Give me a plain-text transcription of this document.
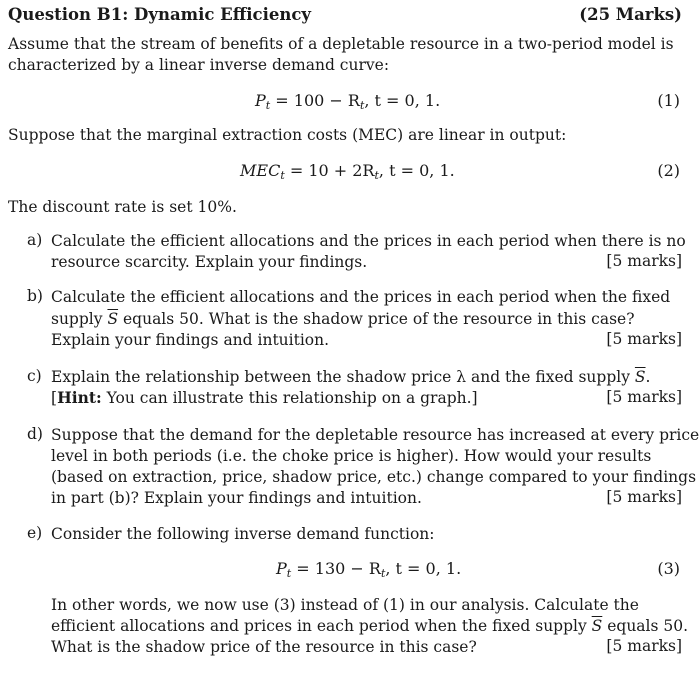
Question B1: Dynamic Efficiency	(25 Marks)
Assume that the stream of benefits of a depletable resource in a two-period model is
characterized by a linear inverse demand curve:
$P_t = 100 - R_t$, t = 0, 1.	(1)
Suppose that the marginal extraction costs (MEC) are linear in output:
$MEC_t = 10 + 2R_t$, t = 0, 1.	(2)
The discount rate is set 10%.
a) Calculate the efficient allocations and the prices in each period when there is no
resource scarcity. Explain your findings.	[5 marks]
b) Calculate the efficient allocations and the prices in each period when the fixed
supply $\overline{S}$ equals 50. What is the shadow price of the resource in this case?
Explain your findings and intuition.	[5 marks]
c) Explain the relationship between the shadow price λ and the fixed supply $\overline{S}$.
[Hint: You can illustrate this relationship on a graph.]	[5 marks]
d) Suppose that the demand for the depletable resource has increased at every price
level in both periods (i.e. the choke price is higher). How would your results
(based on extraction, price, shadow price, etc.) change compared to your findings
in part (b)? Explain your findings and intuition.	[5 marks]
e) Consider the following inverse demand function:
$P_t = 130 - R_t$, t = 0, 1.	(3)
In other words, we now use (3) instead of (1) in our analysis. Calculate the
efficient allocations and prices in each period when the fixed supply $\overline{S}$ equals 50.
What is the shadow price of the resource in this case?	[5 marks]
